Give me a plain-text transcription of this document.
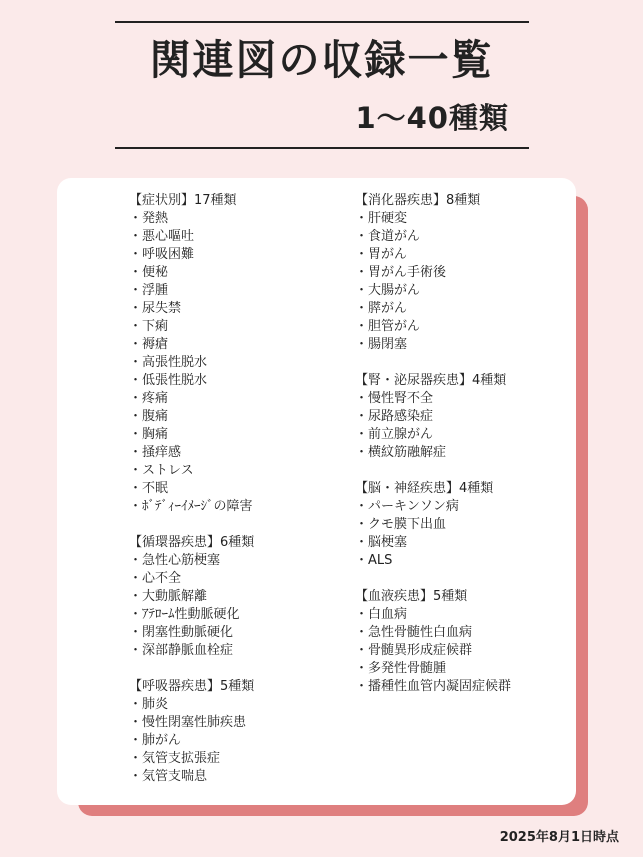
関連図の収録一覧
1～40種類
【症状別】17種類
・ 発熱
・ 悪心嘔吐
・ 呼吸困難
・ 便秘
・ 浮腫
・ 尿失禁
・ 下痢
・ 褥瘡
・ 高張性脱水
・ 低張性脱水
・ 疼痛
・ 腹痛
・ 胸痛
・ 掻痒感
・ ストレス
・ 不眠
・ ﾎﾞﾃﾞｨｰｲﾒｰｼﾞの障害
【循環器疾患】6種類
・ 急性心筋梗塞
・ 心不全
・ 大動脈解離
・ ｱﾃﾛｰﾑ性動脈硬化
・ 閉塞性動脈硬化
・ 深部静脈血栓症
【呼吸器疾患】5種類
・ 肺炎
・ 慢性閉塞性肺疾患
・ 肺がん
・ 気管支拡張症
・ 気管支喘息
【消化器疾患】8種類
・ 肝硬変
・ 食道がん
・ 胃がん
・ 胃がん手術後
・ 大腸がん
・ 膵がん
・ 胆管がん
・ 腸閉塞
【腎・泌尿器疾患】4種類
・ 慢性腎不全
・ 尿路感染症
・ 前立腺がん
・ 横紋筋融解症
【脳・神経疾患】4種類
・ パーキンソン病
・ クモ膜下出血
・ 脳梗塞
・ ALS
【血液疾患】5種類
・ 白血病
・ 急性骨髄性白血病
・ 骨髄異形成症候群
・ 多発性骨髄腫
・ 播種性血管内凝固症候群
2025年8月1日時点
